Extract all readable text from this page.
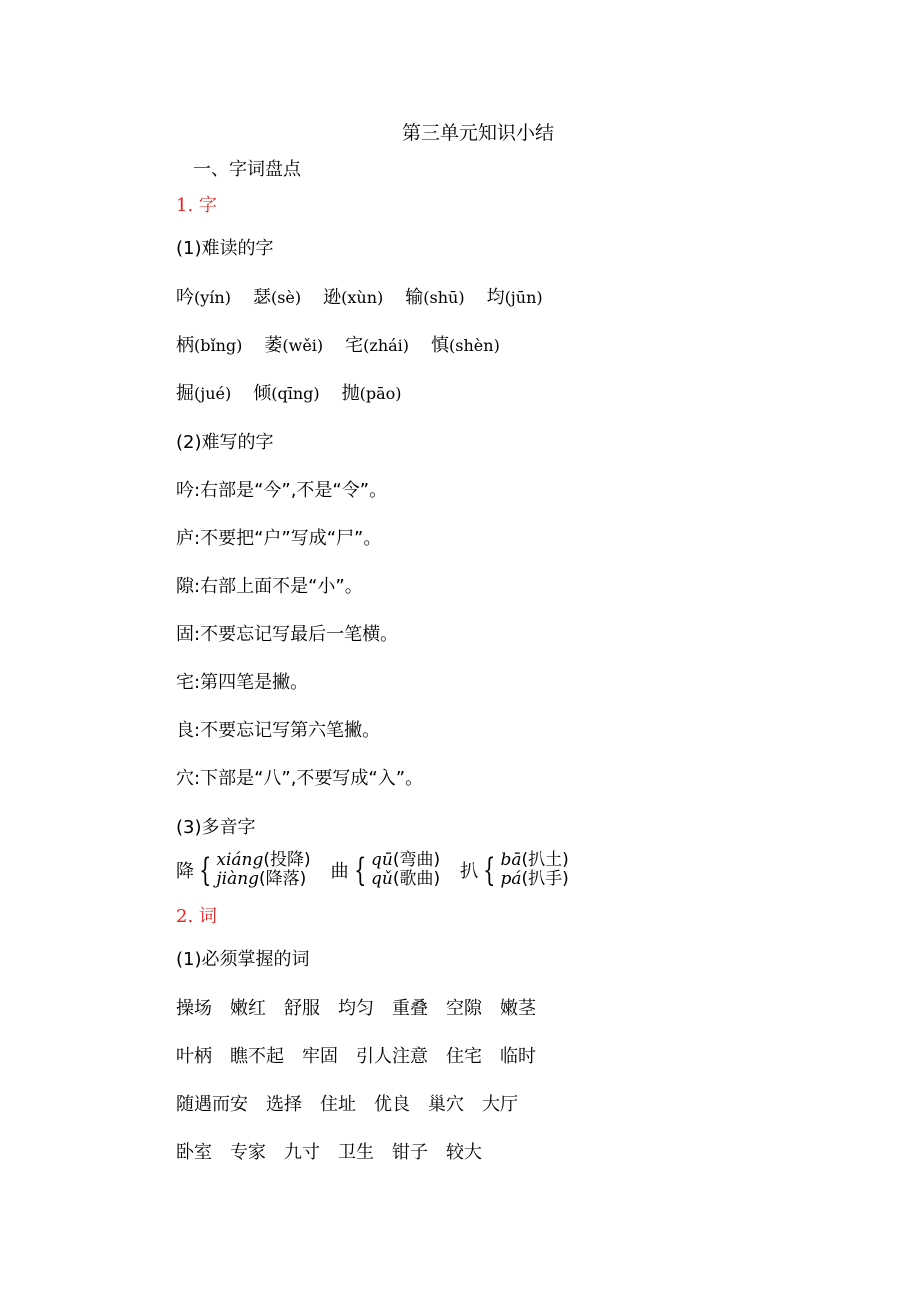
第三单元知识小结
一、字词盘点
1. 字
(1)难读的字
吟(yín) 瑟(sè) 逊(xùn) 输(shū) 均(jūn)
柄(bǐng) 萎(wěi) 宅(zhái) 慎(shèn)
掘(jué) 倾(qīng) 抛(pāo)
(2)难写的字
吟:右部是“今”,不是“令”。
庐:不要把“户”写成“尸”。
隙:右部上面不是“小”。
固:不要忘记写最后一笔横。
宅:第四笔是撇。
良:不要忘记写第六笔撇。
穴:下部是“八”,不要写成“入”。
(3)多音字
降 { xiáng(投降)
jiàng(降落) 曲 { qū(弯曲)
qǔ(歌曲) 扒 { bā(扒土)
pá(扒手)
2. 词
(1)必须掌握的词
操场 嫩红 舒服 均匀 重叠 空隙 嫩茎
叶柄 瞧不起 牢固 引人注意 住宅 临时
随遇而安 选择 住址 优良 巢穴 大厅
卧室 专家 九寸 卫生 钳子 较大
